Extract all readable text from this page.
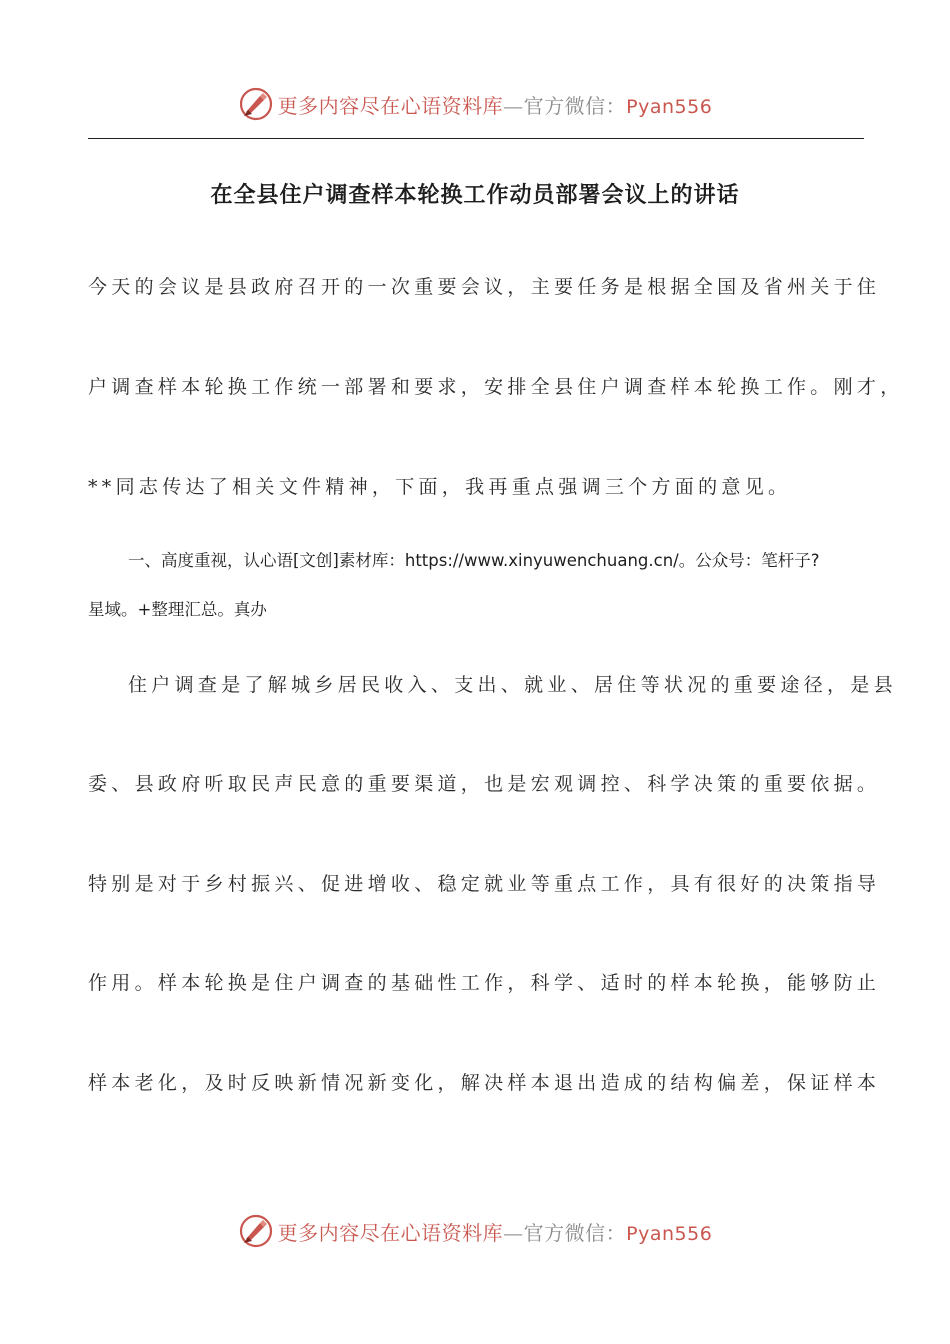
更多内容尽在心语资料库—官方微信：Pyan556
在全县住户调查样本轮换工作动员部署会议上的讲话
今天的会议是县政府召开的一次重要会议，主要任务是根据全国及省州关于住
户调查样本轮换工作统一部署和要求，安排全县住户调查样本轮换工作。刚才，
**同志传达了相关文件精神，下面，我再重点强调三个方面的意见。
一、高度重视，认心语[文创]素材库：https://www.xinyuwenchuang.cn/。公众号：笔杆子?
星域。+整理汇总。真办
住户调查是了解城乡居民收入、支出、就业、居住等状况的重要途径，是县
委、县政府听取民声民意的重要渠道，也是宏观调控、科学决策的重要依据。
特别是对于乡村振兴、促进增收、稳定就业等重点工作，具有很好的决策指导
作用。样本轮换是住户调查的基础性工作，科学、适时的样本轮换，能够防止
样本老化，及时反映新情况新变化，解决样本退出造成的结构偏差，保证样本
更多内容尽在心语资料库—官方微信：Pyan556
